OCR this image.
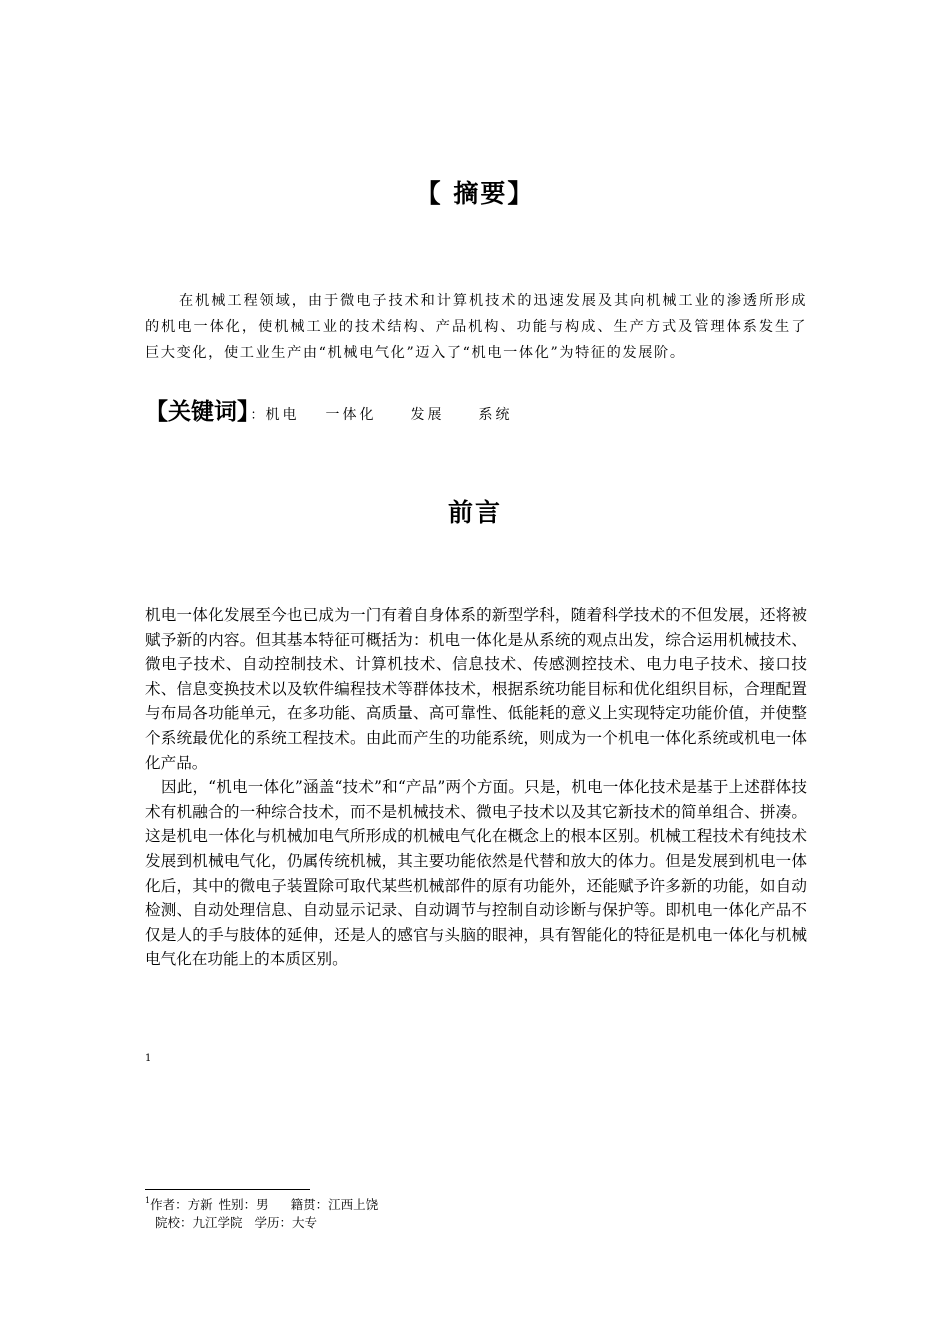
【 摘要】
在机械工程领域，由于微电子技术和计算机技术的迅速发展及其向机械工业的渗透所形成的机电一体化，使机械工业的技术结构、产品机构、功能与构成、生产方式及管理体系发生了巨大变化，使工业生产由“机械电气化”迈入了“机电一体化”为特征的发展阶。
【关键词】 ： 机电 一体化 发展 系统
前言

机电一体化发展至今也已成为一门有着自身体系的新型学科，随着科学技术的不但发展，还将被赋予新的内容。但其基本特征可概括为：机电一体化是从系统的观点出发，综合运用机械技术、微电子技术、自动控制技术、计算机技术、信息技术、传感测控技术、电力电子技术、接口技术、信息变换技术以及软件编程技术等群体技术，根据系统功能目标和优化组织目标，合理配置与布局各功能单元，在多功能、高质量、高可靠性、低能耗的意义上实现特定功能价值，并使整个系统最优化的系统工程技术。由此而产生的功能系统，则成为一个机电一体化系统或机电一体化产品。

因此，“机电一体化”涵盖“技术”和“产品”两个方面。只是，机电一体化技术是基于上述群体技术有机融合的一种综合技术，而不是机械技术、微电子技术以及其它新技术的简单组合、拼凑。这是机电一体化与机械加电气所形成的机械电气化在概念上的根本区别。机械工程技术有纯技术发展到机械电气化，仍属传统机械，其主要功能依然是代替和放大的体力。但是发展到机电一体化后，其中的微电子装置除可取代某些机械部件的原有功能外，还能赋予许多新的功能，如自动检测、自动处理信息、自动显示记录、自动调节与控制自动诊断与保护等。即机电一体化产品不仅是人的手与肢体的延伸，还是人的感官与头脑的眼神，具有智能化的特征是机电一体化与机械电气化在功能上的本质区别。

1
$^1$作者：方新 性别：男 籍贯：江西上饶
院校：九江学院 学历：大专
